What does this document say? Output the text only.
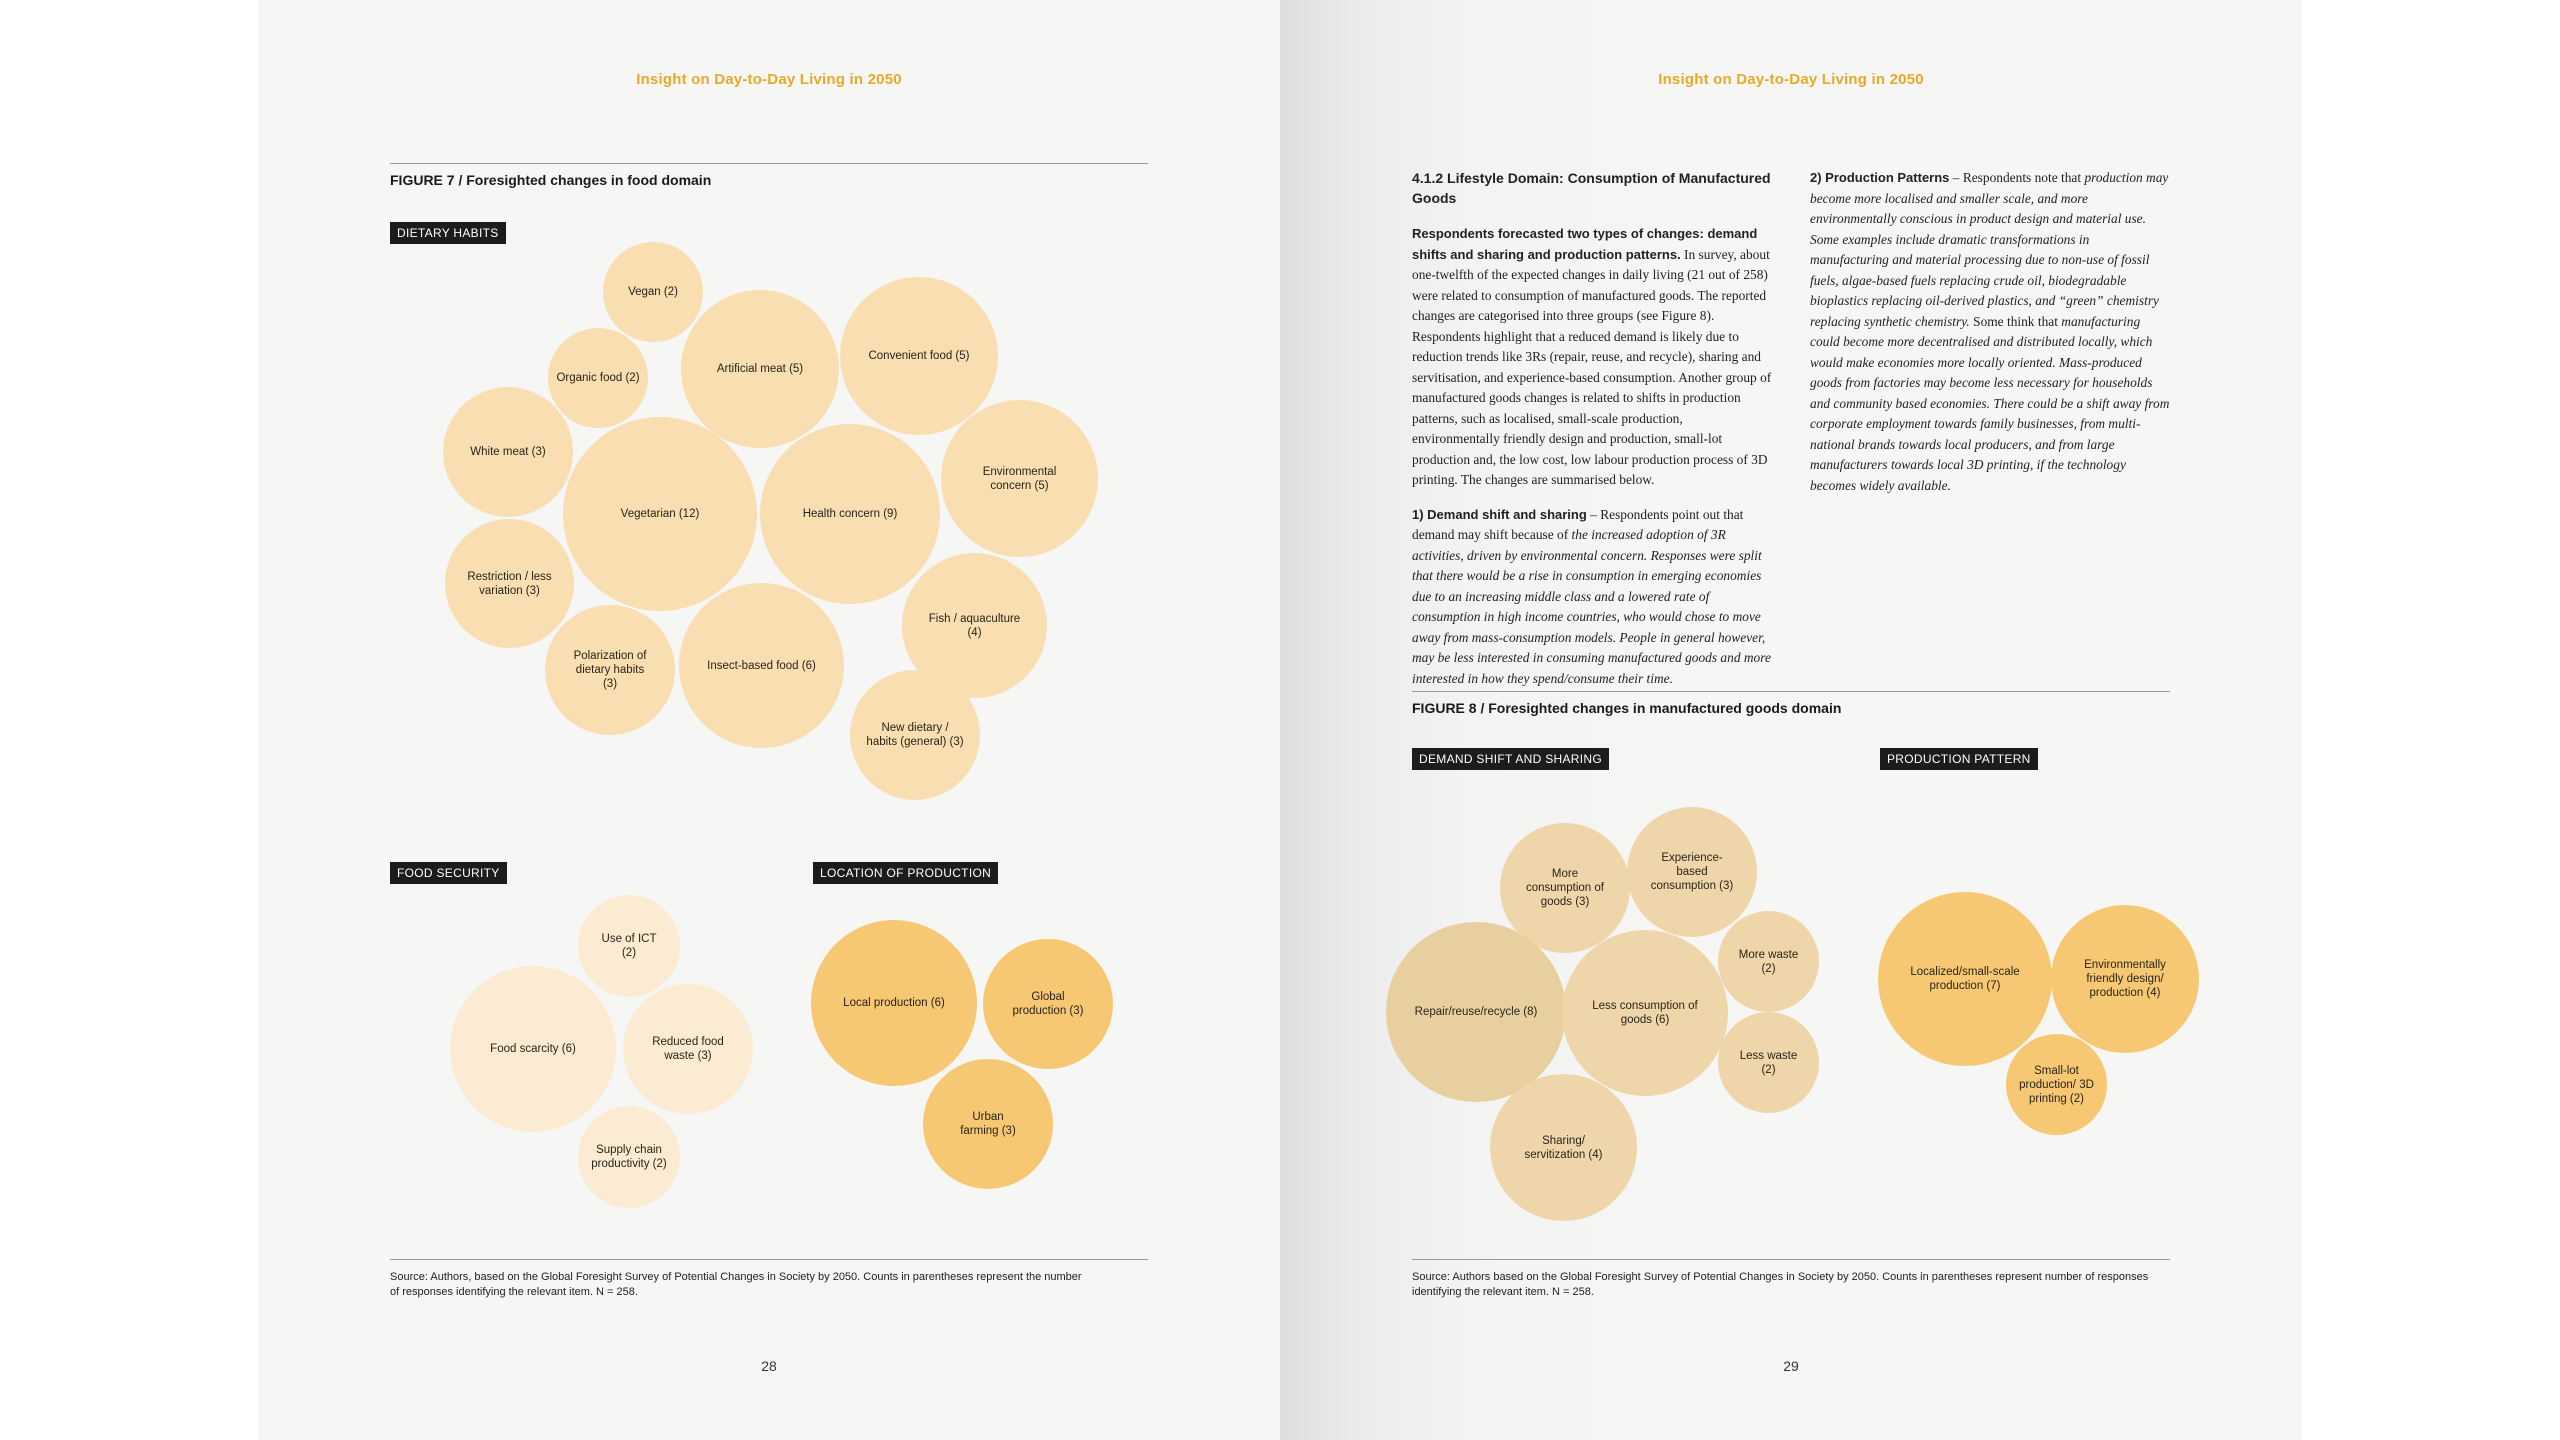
Insight on Day-to-Day Living in 2050
FIGURE 7 / Foresighted changes in food domain
DIETARY HABITS
Vegan (2)
Organic food (2)
Artificial meat (5)
Convenient food (5)
White meat (3)
Vegetarian (12)	Health concern (9)
Environmental concern (5)
Restriction / less variation (3)
Fish / aquaculture (4)
Polarization of dietary habits (3)
Insect-based food (6)
New dietary / habits (general) (3)
FOOD SECURITY	LOCATION OF PRODUCTION
Use of ICT (2)
Food scarcity (6)
Reduced food waste (3)
Supply chain productivity (2)
Local production (6)	Global production (3)
Urban farming (3)
Source: Authors, based on the Global Foresight Survey of Potential Changes in Society by 2050. Counts in parentheses represent the number of responses identifying the relevant item. N = 258.
28
Insight on Day-to-Day Living in 2050
4.1.2 Lifestyle Domain: Consumption of Manufactured Goods

Respondents forecasted two types of changes: demand shifts and sharing and production patterns. In survey, about one-twelfth of the expected changes in daily living (21 out of 258) were related to consumption of manufactured goods. The reported changes are categorised into three groups (see Figure 8). Respondents highlight that a reduced demand is likely due to reduction trends like 3Rs (repair, reuse, and recycle), sharing and servitisation, and experience-based consumption. Another group of manufactured goods changes is related to shifts in production patterns, such as localised, small-scale production, environmentally friendly design and production, small-lot production and, the low cost, low labour production process of 3D printing. The changes are summarised below.

1) Demand shift and sharing – Respondents point out that demand may shift because of the increased adoption of 3R activities, driven by environmental concern. Responses were split that there would be a rise in consumption in emerging economies due to an increasing middle class and a lowered rate of consumption in high income countries, who would chose to move away from mass-consumption models. People in general however, may be less interested in consuming manufactured goods and more interested in how they spend/consume their time.

2) Production Patterns – Respondents note that production may become more localised and smaller scale, and more environmentally conscious in product design and material use. Some examples include dramatic transformations in manufacturing and material processing due to non-use of fossil fuels, algae-based fuels replacing crude oil, biodegradable bioplastics replacing oil-derived plastics, and “green” chemistry replacing synthetic chemistry. Some think that manufacturing could become more decentralised and distributed locally, which would make economies more locally oriented. Mass-produced goods from factories may become less necessary for households and community based economies. There could be a shift away from corporate employment towards family businesses, from multi-national brands towards local producers, and from large manufacturers towards local 3D printing, if the technology becomes widely available.

FIGURE 8 / Foresighted changes in manufactured goods domain
DEMAND SHIFT AND SHARING	PRODUCTION PATTERN
More consumption of goods (3)
Experience-based consumption (3)
More waste (2)
Repair/reuse/recycle (8)	Less consumption of goods (6)
Less waste (2)
Sharing/ servitization (4)
Localized/small-scale production (7)
Environmentally friendly design/ production (4)
Small-lot production/ 3D printing (2)
Source: Authors based on the Global Foresight Survey of Potential Changes in Society by 2050. Counts in parentheses represent number of responses identifying the relevant item. N = 258.
29
